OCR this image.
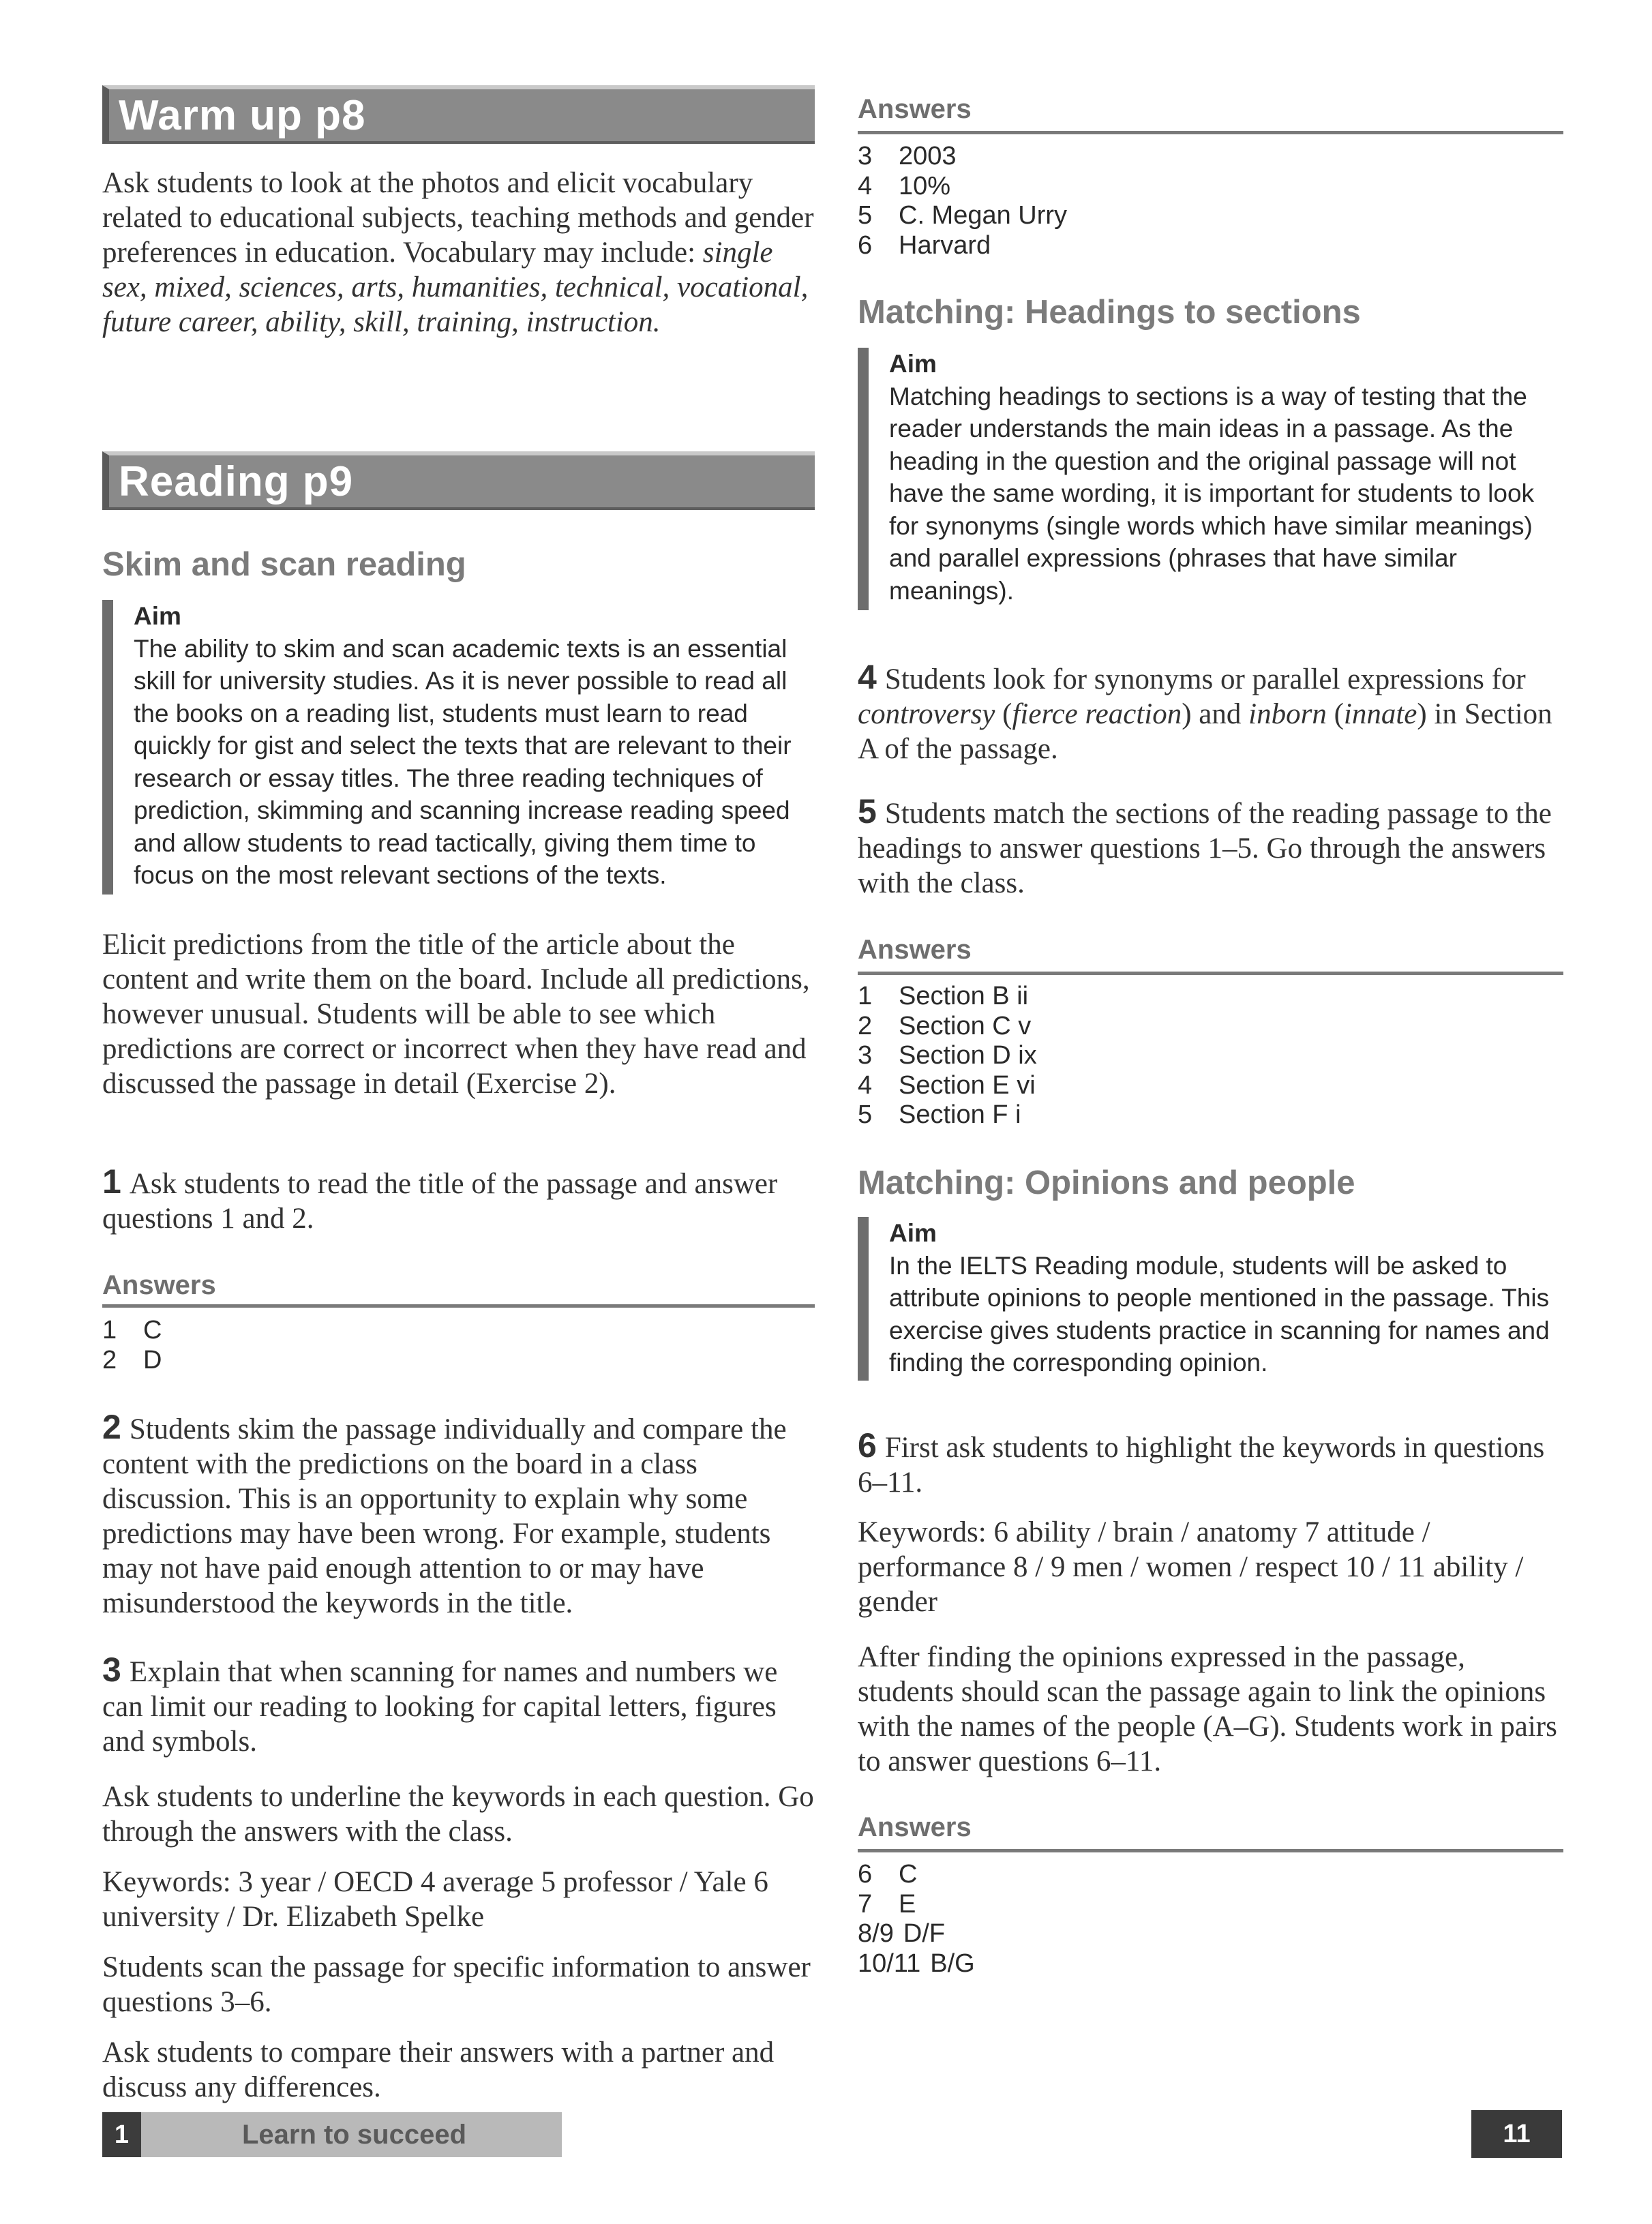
Warm up p8

Ask students to look at the photos and elicit vocabulary related to educational subjects, teaching methods and gender preferences in education. Vocabulary may include: single sex, mixed, sciences, arts, humanities, technical, vocational, future career, ability, skill, training, instruction.

Reading p9
Skim and scan reading
Aim
The ability to skim and scan academic texts is an essential skill for university studies. As it is never possible to read all the books on a reading list, students must learn to read quickly for gist and select the texts that are relevant to their research or essay titles. The three reading techniques of prediction, skimming and scanning increase reading speed and allow students to read tactically, giving them time to focus on the most relevant sections of the texts.

Elicit predictions from the title of the article about the content and write them on the board. Include all predictions, however unusual. Students will be able to see which predictions are correct or incorrect when they have read and discussed the passage in detail (Exercise 2).

1 Ask students to read the title of the passage and answer questions 1 and 2.

Answers
1 C
2 D

2 Students skim the passage individually and compare the content with the predictions on the board in a class discussion. This is an opportunity to explain why some predictions may have been wrong. For example, students may not have paid enough attention to or may have misunderstood the keywords in the title.

3 Explain that when scanning for names and numbers we can limit our reading to looking for capital letters, figures and symbols.

Ask students to underline the keywords in each question. Go through the answers with the class.

Keywords: 3 year / OECD 4 average 5 professor / Yale 6 university / Dr. Elizabeth Spelke

Students scan the passage for specific information to answer questions 3–6.

Ask students to compare their answers with a partner and discuss any differences.

Answers
3 2003
4 10%
5 C. Megan Urry
6 Harvard
Matching: Headings to sections
Aim
Matching headings to sections is a way of testing that the reader understands the main ideas in a passage. As the heading in the question and the original passage will not have the same wording, it is important for students to look for synonyms (single words which have similar meanings) and parallel expressions (phrases that have similar meanings).

4 Students look for synonyms or parallel expressions for controversy (fierce reaction) and inborn (innate) in Section A of the passage.

5 Students match the sections of the reading passage to the headings to answer questions 1–5. Go through the answers with the class.

Answers
1 Section B ii
2 Section C v
3 Section D ix
4 Section E vi
5 Section F i
Matching: Opinions and people
Aim
In the IELTS Reading module, students will be asked to attribute opinions to people mentioned in the passage. This exercise gives students practice in scanning for names and finding the corresponding opinion.

6 First ask students to highlight the keywords in questions 6–11.

Keywords: 6 ability / brain / anatomy 7 attitude / performance 8 / 9 men / women / respect 10 / 11 ability / gender

After finding the opinions expressed in the passage, students should scan the passage again to link the opinions with the names of the people (A–G). Students work in pairs to answer questions 6–11.

Answers
6 C
7 E
8/9 D/F
10/11 B/G
1	Learn to succeed	11
